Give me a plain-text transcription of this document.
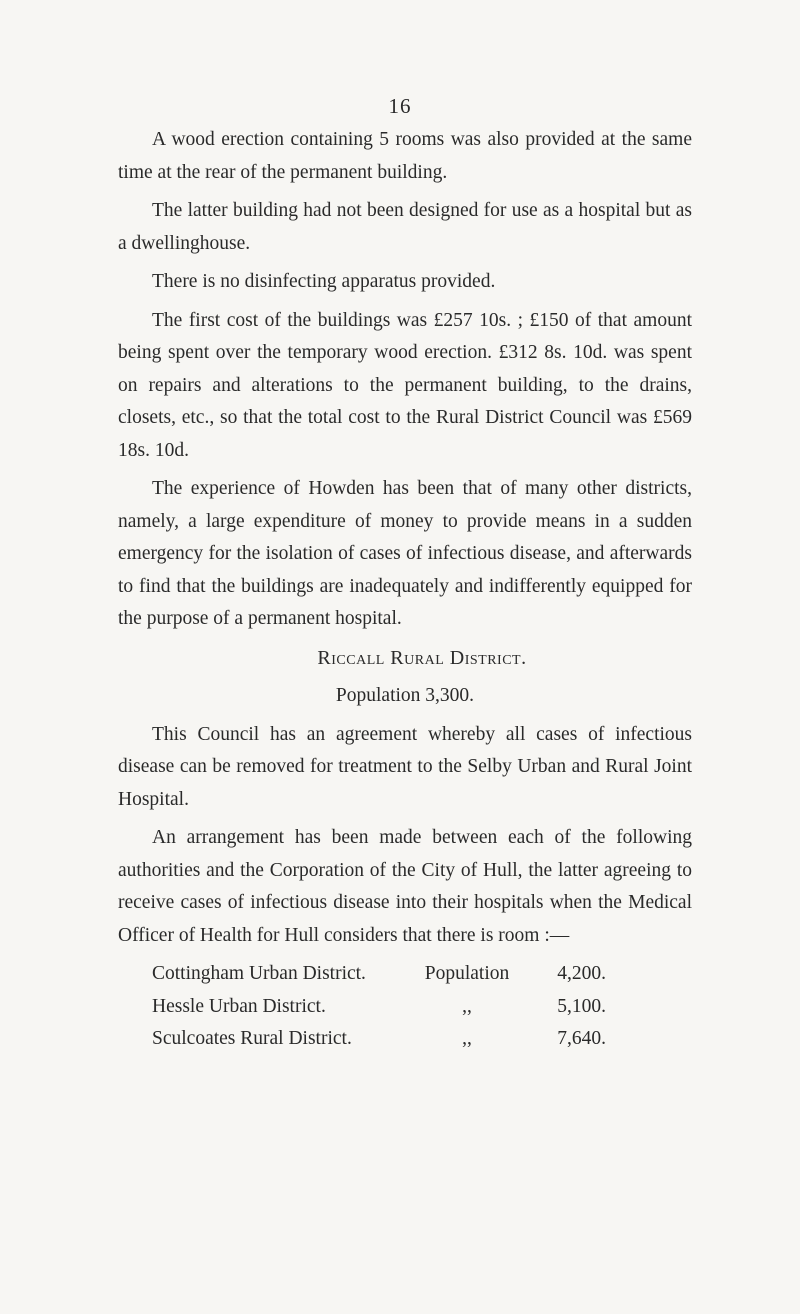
16

A wood erection containing 5 rooms was also provided at the same time at the rear of the permanent building.

The latter building had not been designed for use as a hospital but as a dwellinghouse.

There is no disinfecting apparatus provided.

The first cost of the buildings was £257 10s. ; £150 of that amount being spent over the temporary wood erection. £312 8s. 10d. was spent on repairs and alterations to the permanent building, to the drains, closets, etc., so that the total cost to the Rural District Council was £569 18s. 10d.

The experience of Howden has been that of many other districts, namely, a large expenditure of money to provide means in a sudden emergency for the isolation of cases of infectious disease, and afterwards to find that the buildings are inadequately and indifferently equipped for the purpose of a permanent hospital.

Riccall Rural District.

Population 3,300.

This Council has an agreement whereby all cases of infectious disease can be removed for treatment to the Selby Urban and Rural Joint Hospital.

An arrangement has been made between each of the following authorities and the Corporation of the City of Hull, the latter agreeing to receive cases of infectious disease into their hospitals when the Medical Officer of Health for Hull considers that there is room :—

Cottingham Urban District.	Population	4,200.
Hessle Urban District.	,,	5,100.
Sculcoates Rural District.	,,	7,640.
